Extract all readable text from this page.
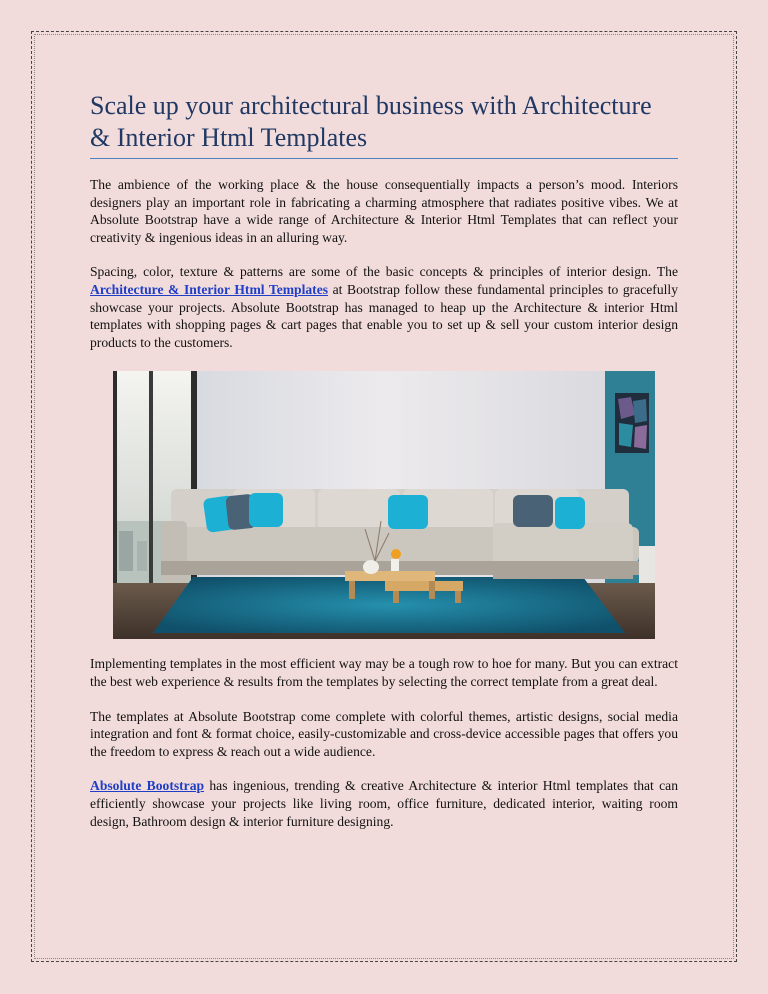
Scale up your architectural business with Architecture & Interior Html Templates

The ambience of the working place & the house consequentially impacts a person’s mood. Interiors designers play an important role in fabricating a charming atmosphere that radiates positive vibes. We at Absolute Bootstrap have a wide range of Architecture & Interior Html Templates that can reflect your creativity & ingenious ideas in an alluring way.

Spacing, color, texture & patterns are some of the basic concepts & principles of interior design. The Architecture & Interior Html Templates at Bootstrap follow these fundamental principles to gracefully showcase your projects. Absolute Bootstrap has managed to heap up the Architecture & interior Html templates with shopping pages & cart pages that enable you to set up & sell your custom interior design products to the customers.

Implementing templates in the most efficient way may be a tough row to hoe for many. But you can extract the best web experience & results from the templates by selecting the correct template from a great deal.

The templates at Absolute Bootstrap come complete with colorful themes, artistic designs, social media integration and font & format choice, easily-customizable and cross-device accessible pages that offers you the freedom to express & reach out a wide audience.

Absolute Bootstrap has ingenious, trending & creative Architecture & interior Html templates that can efficiently showcase your projects like living room, office furniture, dedicated interior, waiting room design, Bathroom design & interior furniture designing.
